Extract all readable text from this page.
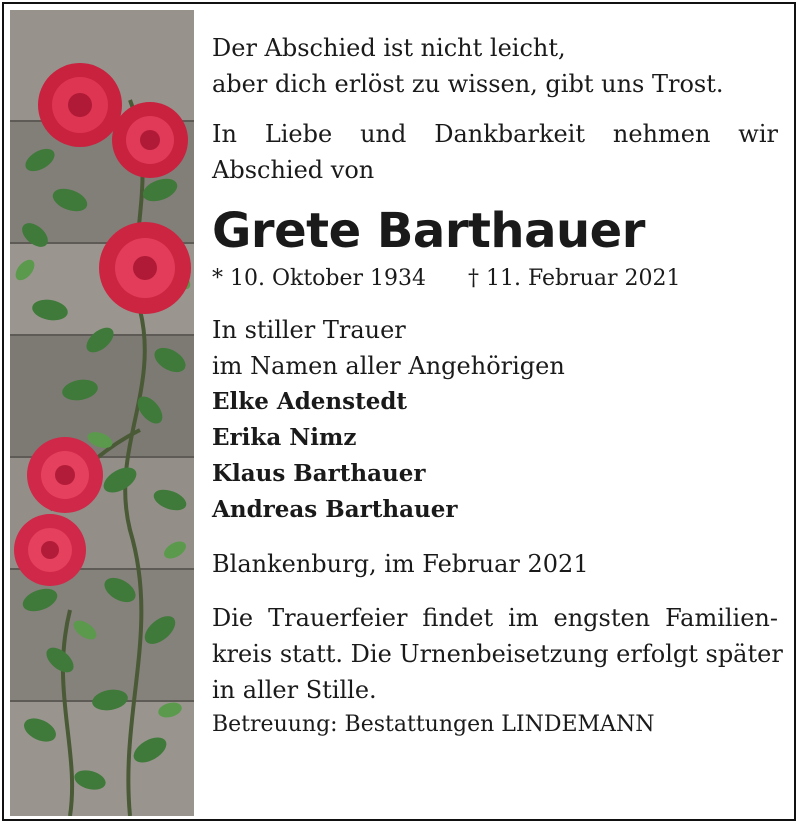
Der Abschied ist nicht leicht,

aber dich erlöst zu wissen, gibt uns Trost.

In Liebe und Dankbarkeit nehmen wir

Abschied von

Grete Barthauer

* 10. Oktober 1934 † 11. Februar 2021

In stiller Trauer

im Namen aller Angehörigen

Elke Adenstedt

Erika Nimz

Klaus Barthauer

Andreas Barthauer

Blankenburg, im Februar 2021

Die Trauerfeier findet im engsten Familien-

kreis statt. Die Urnenbeisetzung erfolgt später

in aller Stille.

Betreuung: Bestattungen LINDEMANN
